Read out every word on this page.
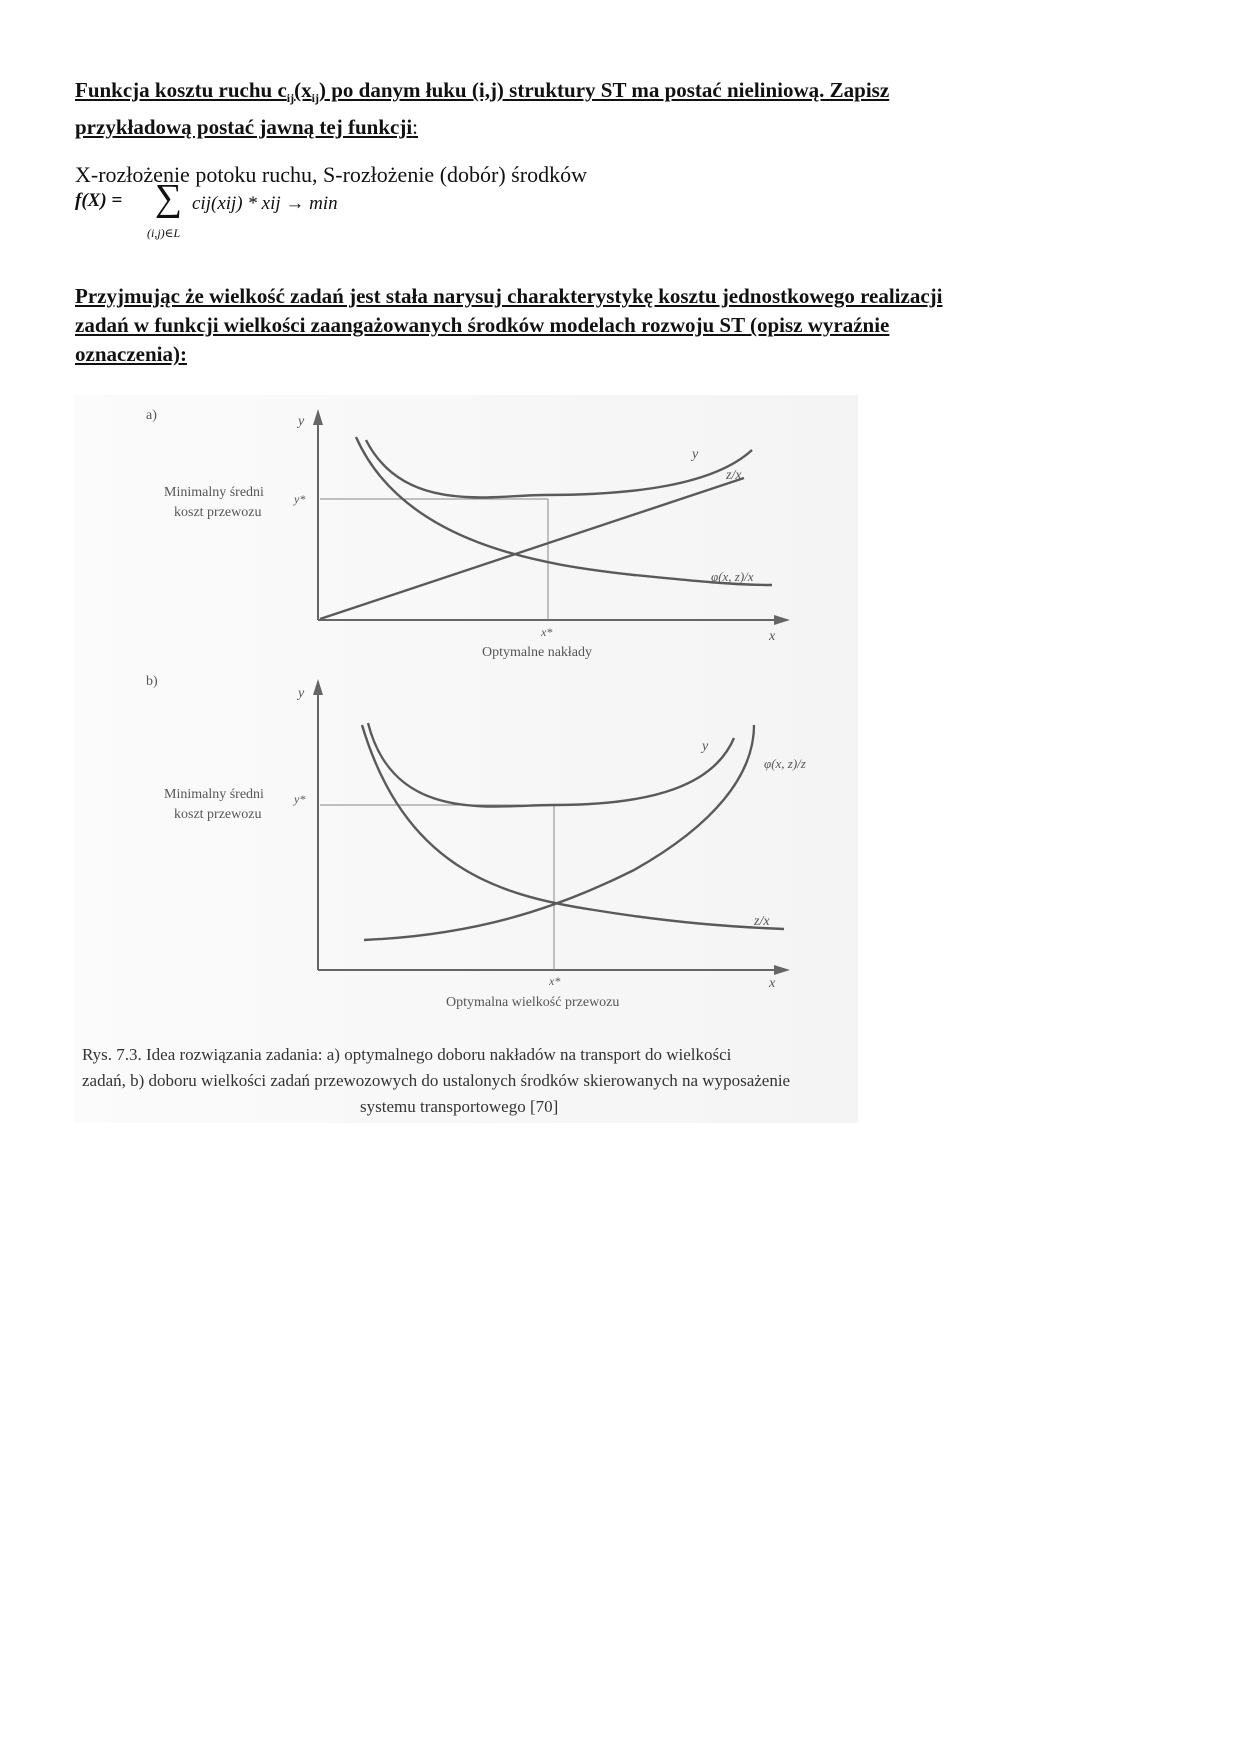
Funkcja kosztu ruchu $c_{ij}(x_{ij})$ po danym łuku (i,j) struktury ST ma postać nieliniową. Zapisz
przykładową postać jawną tej funkcji:
X-rozłożenie potoku ruchu, S-rozłożenie (dobór) środków
f(X) = ∑
(i,j)∈L
cij(xij) * xij → min
Przyjmując że wielkość zadań jest stała narysuj charakterystykę kosztu jednostkowego realizacji
zadań w funkcji wielkości zaangażowanych środków modelach rozwoju ST (opisz wyraźnie
oznaczenia):
a)	y
x
Minimalny średni
koszt przewozu
y*
x*
Optymalne nakłady
y
z/x
φ(x, z)/x
b)
y
x
Minimalny średni
koszt przewozu
y*
x*
Optymalna wielkość przewozu
y
φ(x, z)/z
z/x
Rys. 7.3. Idea rozwiązania zadania: a) optymalnego doboru nakładów na transport do wielkości
zadań, b) doboru wielkości zadań przewozowych do ustalonych środków skierowanych na wyposażenie
systemu transportowego [70]
